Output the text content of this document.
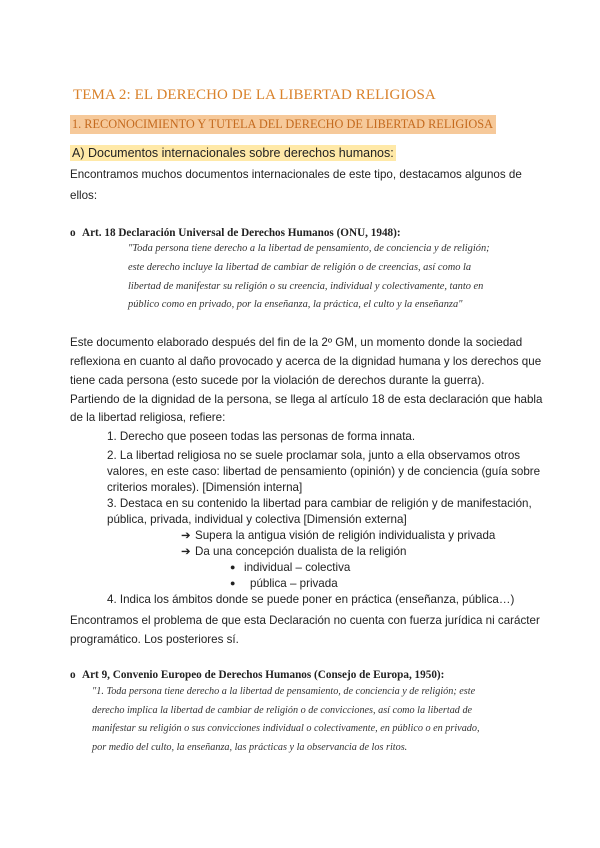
TEMA 2: EL DERECHO DE LA LIBERTAD RELIGIOSA
1. RECONOCIMIENTO Y TUTELA DEL DERECHO DE LIBERTAD RELIGIOSA
A) Documentos internacionales sobre derechos humanos:
Encontramos muchos documentos internacionales de este tipo, destacamos algunos de
ellos:
o Art. 18 Declaración Universal de Derechos Humanos (ONU, 1948):
"Toda persona tiene derecho a la libertad de pensamiento, de conciencia y de religión;
este derecho incluye la libertad de cambiar de religión o de creencias, así como la
libertad de manifestar su religión o su creencia, individual y colectivamente, tanto en
público como en privado, por la enseñanza, la práctica, el culto y la enseñanza"
Este documento elaborado después del fin de la 2º GM, un momento donde la sociedad
reflexiona en cuanto al daño provocado y acerca de la dignidad humana y los derechos que
tiene cada persona (esto sucede por la violación de derechos durante la guerra).
Partiendo de la dignidad de la persona, se llega al artículo 18 de esta declaración que habla
de la libertad religiosa, refiere:
1. Derecho que poseen todas las personas de forma innata.
2. La libertad religiosa no se suele proclamar sola, junto a ella observamos otros
valores, en este caso: libertad de pensamiento (opinión) y de conciencia (guía sobre
criterios morales). [Dimensión interna]
3. Destaca en su contenido la libertad para cambiar de religión y de manifestación,
pública, privada, individual y colectiva [Dimensión externa]
➔ Supera la antigua visión de religión individualista y privada
➔ Da una concepción dualista de la religión
● individual – colectiva
● pública – privada
4. Indica los ámbitos donde se puede poner en práctica (enseñanza, pública…)
Encontramos el problema de que esta Declaración no cuenta con fuerza jurídica ni carácter
programático. Los posteriores sí.
o Art 9, Convenio Europeo de Derechos Humanos (Consejo de Europa, 1950):
"1. Toda persona tiene derecho a la libertad de pensamiento, de conciencia y de religión; este
derecho implica la libertad de cambiar de religión o de convicciones, así como la libertad de
manifestar su religión o sus convicciones individual o colectivamente, en público o en privado,
por medio del culto, la enseñanza, las prácticas y la observancia de los ritos.
